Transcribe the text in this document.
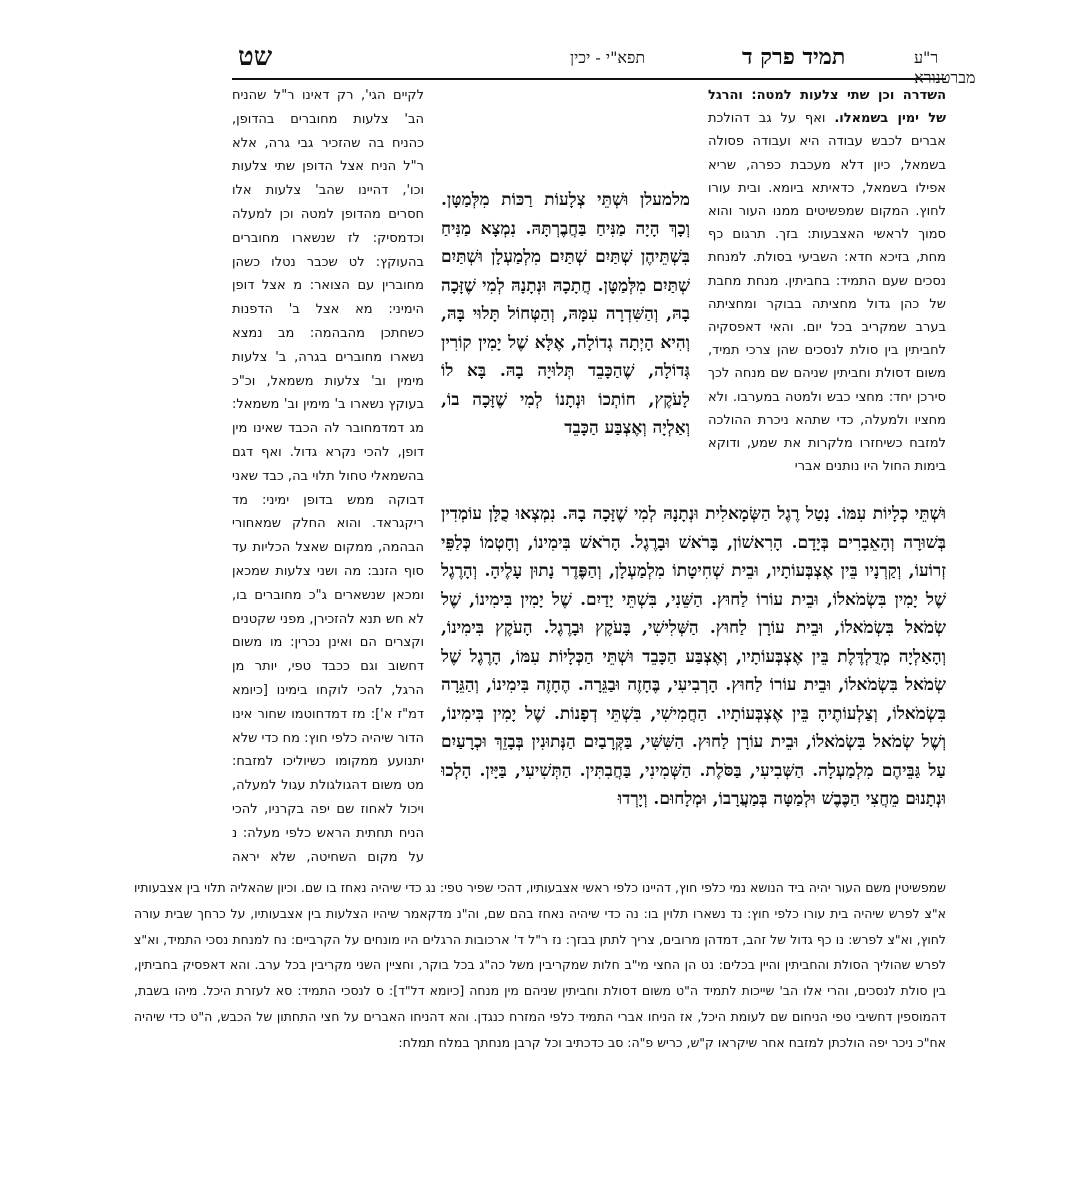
שט	תפא"י - יכין	תמיד פרק ד	ר"ע מברטנורא
השדרה וכן שתי צלעות למטה: והרגל של ימין בשמאלו. ואף על גב דהולכת אברים לכבש עבודה היא ועבודה פסולה בשמאל, כיון דלא מעכבת כפרה, שריא אפילו בשמאל, כדאיתא ביומא. ובית עורו לחוץ. המקום שמפשיטים ממנו העור והוא סמוך לראשי האצבעות: בזך. תרגום כף מחת, בזיכא חדא: השביעי בסולת. למנחת נסכים שעם התמיד: בחביתין. מנחת מחבת של כהן גדול מחציתה בבוקר ומחציתה בערב שמקריב בכל יום. והאי דאפסקיה לחביתין בין סולת לנסכים שהן צרכי תמיד, משום דסולת וחביתין שניהם שם מנחה לכך סירכן יחד: מחצי כבש ולמטה במערבו. ולא מחציו ולמעלה, כדי שתהא ניכרת ההולכה למזבח כשיחזרו מלקרות את שמע, ודוקא בימות החול היו נותנים אברי
מלמעלן וּשְׁתֵּי צְלָעוֹת רַכּוֹת מִלְּמַטָּן. וְכָךְ הָיָה מַנִּיחַ בַּחֲבֶרְתָּהּ. נִמְצָא מַנִּיחַ בִּשְׁתֵּיהֶן שְׁתַּיִם שְׁתַּיִם מִלְמַעְלָן וּשְׁתַּיִם שְׁתַּיִם מִלְּמַטָּן. חֲתָכָהּ וּנְתָנָהּ לְמִי שֶׁזָּכָה בָהּ, וְהַשִּׁדְרָה עִמָּהּ, וְהַטְּחוֹל תָּלוּי בָּהּ, וְהִיא הָיְתָה גְדוֹלָה, אֶלָּא שֶׁל יָמִין קוֹרִין גְּדוֹלָה, שֶׁהַכָּבֵד תְּלוּיָה בָהּ. בָּא לוֹ לָעֹקֶץ, חוֹתְכוֹ וּנְתָנוֹ לְמִי שֶׁזָּכָה בוֹ, וְאַלְיָה וְאֶצְבַּע הַכָּבֵד
לקיים הגי', רק דאינו ר"ל שהניח הב' צלעות מחוברים בהדופן, כהניח בה שהזכיר גבי גרה, אלא ר"ל הניח אצל הדופן שתי צלעות וכו', דהיינו שהב' צלעות אלו חסרים מהדופן למטה וכן למעלה וכדמסיק: לז שנשארו מחוברים בהעוקץ: לט שכבר נטלו כשהן מחוברין עם הצואר: מ אצל דופן הימיני: מא אצל ב' הדפנות כשחתכן מהבהמה: מב נמצא נשארו מחוברים בגרה, ב' צלעות מימין וב' צלעות משמאל, וכ"כ בעוקץ נשארו ב' מימין וב' משמאל: מג דמדמחובר לה הכבד שאינו מין דופן, להכי נקרא גדול. ואף דגם בהשמאלי טחול תלוי בה, כבד שאני דבוקה ממש בדופן ימיני: מד ריקגראד. והוא החלק שמאחורי הבהמה, ממקום שאצל הכליות עד סוף הזנב: מה ושני צלעות שמכאן ומכאן שנשארים ג"כ מחוברים בו, לא חש תנא להזכירן, מפני שקטנים וקצרים הם ואינן נכרין: מו משום דחשוב וגם ככבד טפי, יותר מן הרגל, להכי לוקחו בימינו [כיומא דמ"ז א']: מז דמדחוטמו שחור אינו הדור שיהיה כלפי חוץ: מח כדי שלא יתנועע ממקומו כשיוליכו למזבח: מט משום דהגולגולת עגול למעלה, ויכול לאחוז שם יפה בקרניו, להכי הניח תחתית הראש כלפי מעלה: נ על מקום השחיטה, שלא יראה
וּשְׁתֵּי כְלָיוֹת עִמּוֹ. נָטַל רֶגֶל הַשְּׂמָאלִית וּנְתָנָהּ לְמִי שֶׁזָּכָה בָהּ. נִמְצְאוּ כֻלָּן עוֹמְדִין בְּשׁוּרָה וְהָאֵבָרִים בְּיָדָם. הָרִאשׁוֹן, בָּרֹאשׁ וּבָרֶגֶל. הָרֹאשׁ בִּימִינוֹ, וְחָטְמוֹ כְּלַפֵּי זְרוֹעוֹ, וְקַרְנָיו בֵּין אֶצְבְּעוֹתָיו, וּבֵית שְׁחִיטָתוֹ מִלְמַעְלָן, וְהַפֶּדֶר נָתוּן עָלֶיהָ. וְהָרֶגֶל שֶׁל יָמִין בִּשְׂמֹאלוֹ, וּבֵית עוֹרוֹ לַחוּץ. הַשֵּׁנִי, בִּשְׁתֵּי יָדַיִם. שֶׁל יָמִין בִּימִינוֹ, שֶׁל שְׂמֹאל בִּשְׂמֹאלוֹ, וּבֵית עוֹרָן לַחוּץ. הַשְּׁלִישִׁי, בָּעֹקֶץ וּבָרֶגֶל. הָעֹקֶץ בִּימִינוֹ, וְהָאַלְיָה מְדֻלְדֶּלֶת בֵּין אֶצְבְּעוֹתָיו, וְאֶצְבַּע הַכָּבֵד וּשְׁתֵּי הַכְּלָיוֹת עִמּוֹ, הָרֶגֶל שֶׁל שְׂמֹאל בִּשְׂמֹאלוֹ, וּבֵית עוֹרוֹ לַחוּץ. הָרְבִיעִי, בֶּחָזֶה וּבַגֵּרָה. הֶחָזֶה בִּימִינוֹ, וְהַגֵּרָה בִּשְׂמֹאלוֹ, וְצַלְעוֹתֶיהָ בֵּין אֶצְבְּעוֹתָיו. הַחֲמִישִׁי, בִּשְׁתֵּי דְפָנוֹת. שֶׁל יָמִין בִּימִינוֹ, וְשֶׁל שְׂמֹאל בִּשְׂמֹאלוֹ, וּבֵית עוֹרָן לַחוּץ. הַשִּׁשִּׁי, בַּקְּרָבַיִם הַנְּתוּנִין בְּבָזֵךְ וּכְרָעַיִם עַל גַּבֵּיהֶם מִלְמַעְלָה. הַשְּׁבִיעִי, בַּסֹּלֶת. הַשְּׁמִינִי, בַּחֲבִתִּין. הַתְּשִׁיעִי, בַּיָּיִן. הָלְכוּ וּנְתָנוּם מֵחֲצִי הַכֶּבֶשׁ וּלְמַטָּה בְּמַעֲרָבוֹ, וּמְלָחוּם. וְיָרְדוּ
שמפשיטין משם העור יהיה ביד הנושא נמי כלפי חוץ, דהיינו כלפי ראשי אצבעותיו, דהכי שפיר טפי: נג כדי שיהיה נאחז בו שם. וכיון שהאליה תלוי בין אצבעותיו א"צ לפרש שיהיה בית עורו כלפי חוץ: נד נשארו תלוין בו: נה כדי שיהיה נאחז בהם שם, וה"נ מדקאמר שיהיו הצלעות בין אצבעותיו, על כרחך שבית עורה לחוץ, וא"צ לפרש: נו כף גדול של זהב, דמדהן מרובים, צריך לתתן בבזך: נז ר"ל ד' ארכובות הרגלים היו מונחים על הקרביים: נח למנחת נסכי התמיד, וא"צ לפרש שהוליך הסולת והחביתין והיין בכלים: נט הן החצי מי"ב חלות שמקריבין משל כה"ג בכל בוקר, וחציין השני מקריבין בכל ערב. והא דאפסיק בחביתין, בין סולת לנסכים, והרי אלו הב' שייכות לתמיד ה"ט משום דסולת וחביתין שניהם מין מנחה [כיומא דל"ד]: ס לנסכי התמיד: סא לעזרת היכל. מיהו בשבת, דהמוספין דחשיבי טפי הניחום שם לעומת היכל, אז הניחו אברי התמיד כלפי המזרח כנגדן. והא דהניחו האברים על חצי התחתון של הכבש, ה"ט כדי שיהיה אח"כ ניכר יפה הולכתן למזבח אחר שיקראו ק"ש, כריש פ"ה: סב כדכתיב וכל קרבן מנחתך במלח תמלח:
